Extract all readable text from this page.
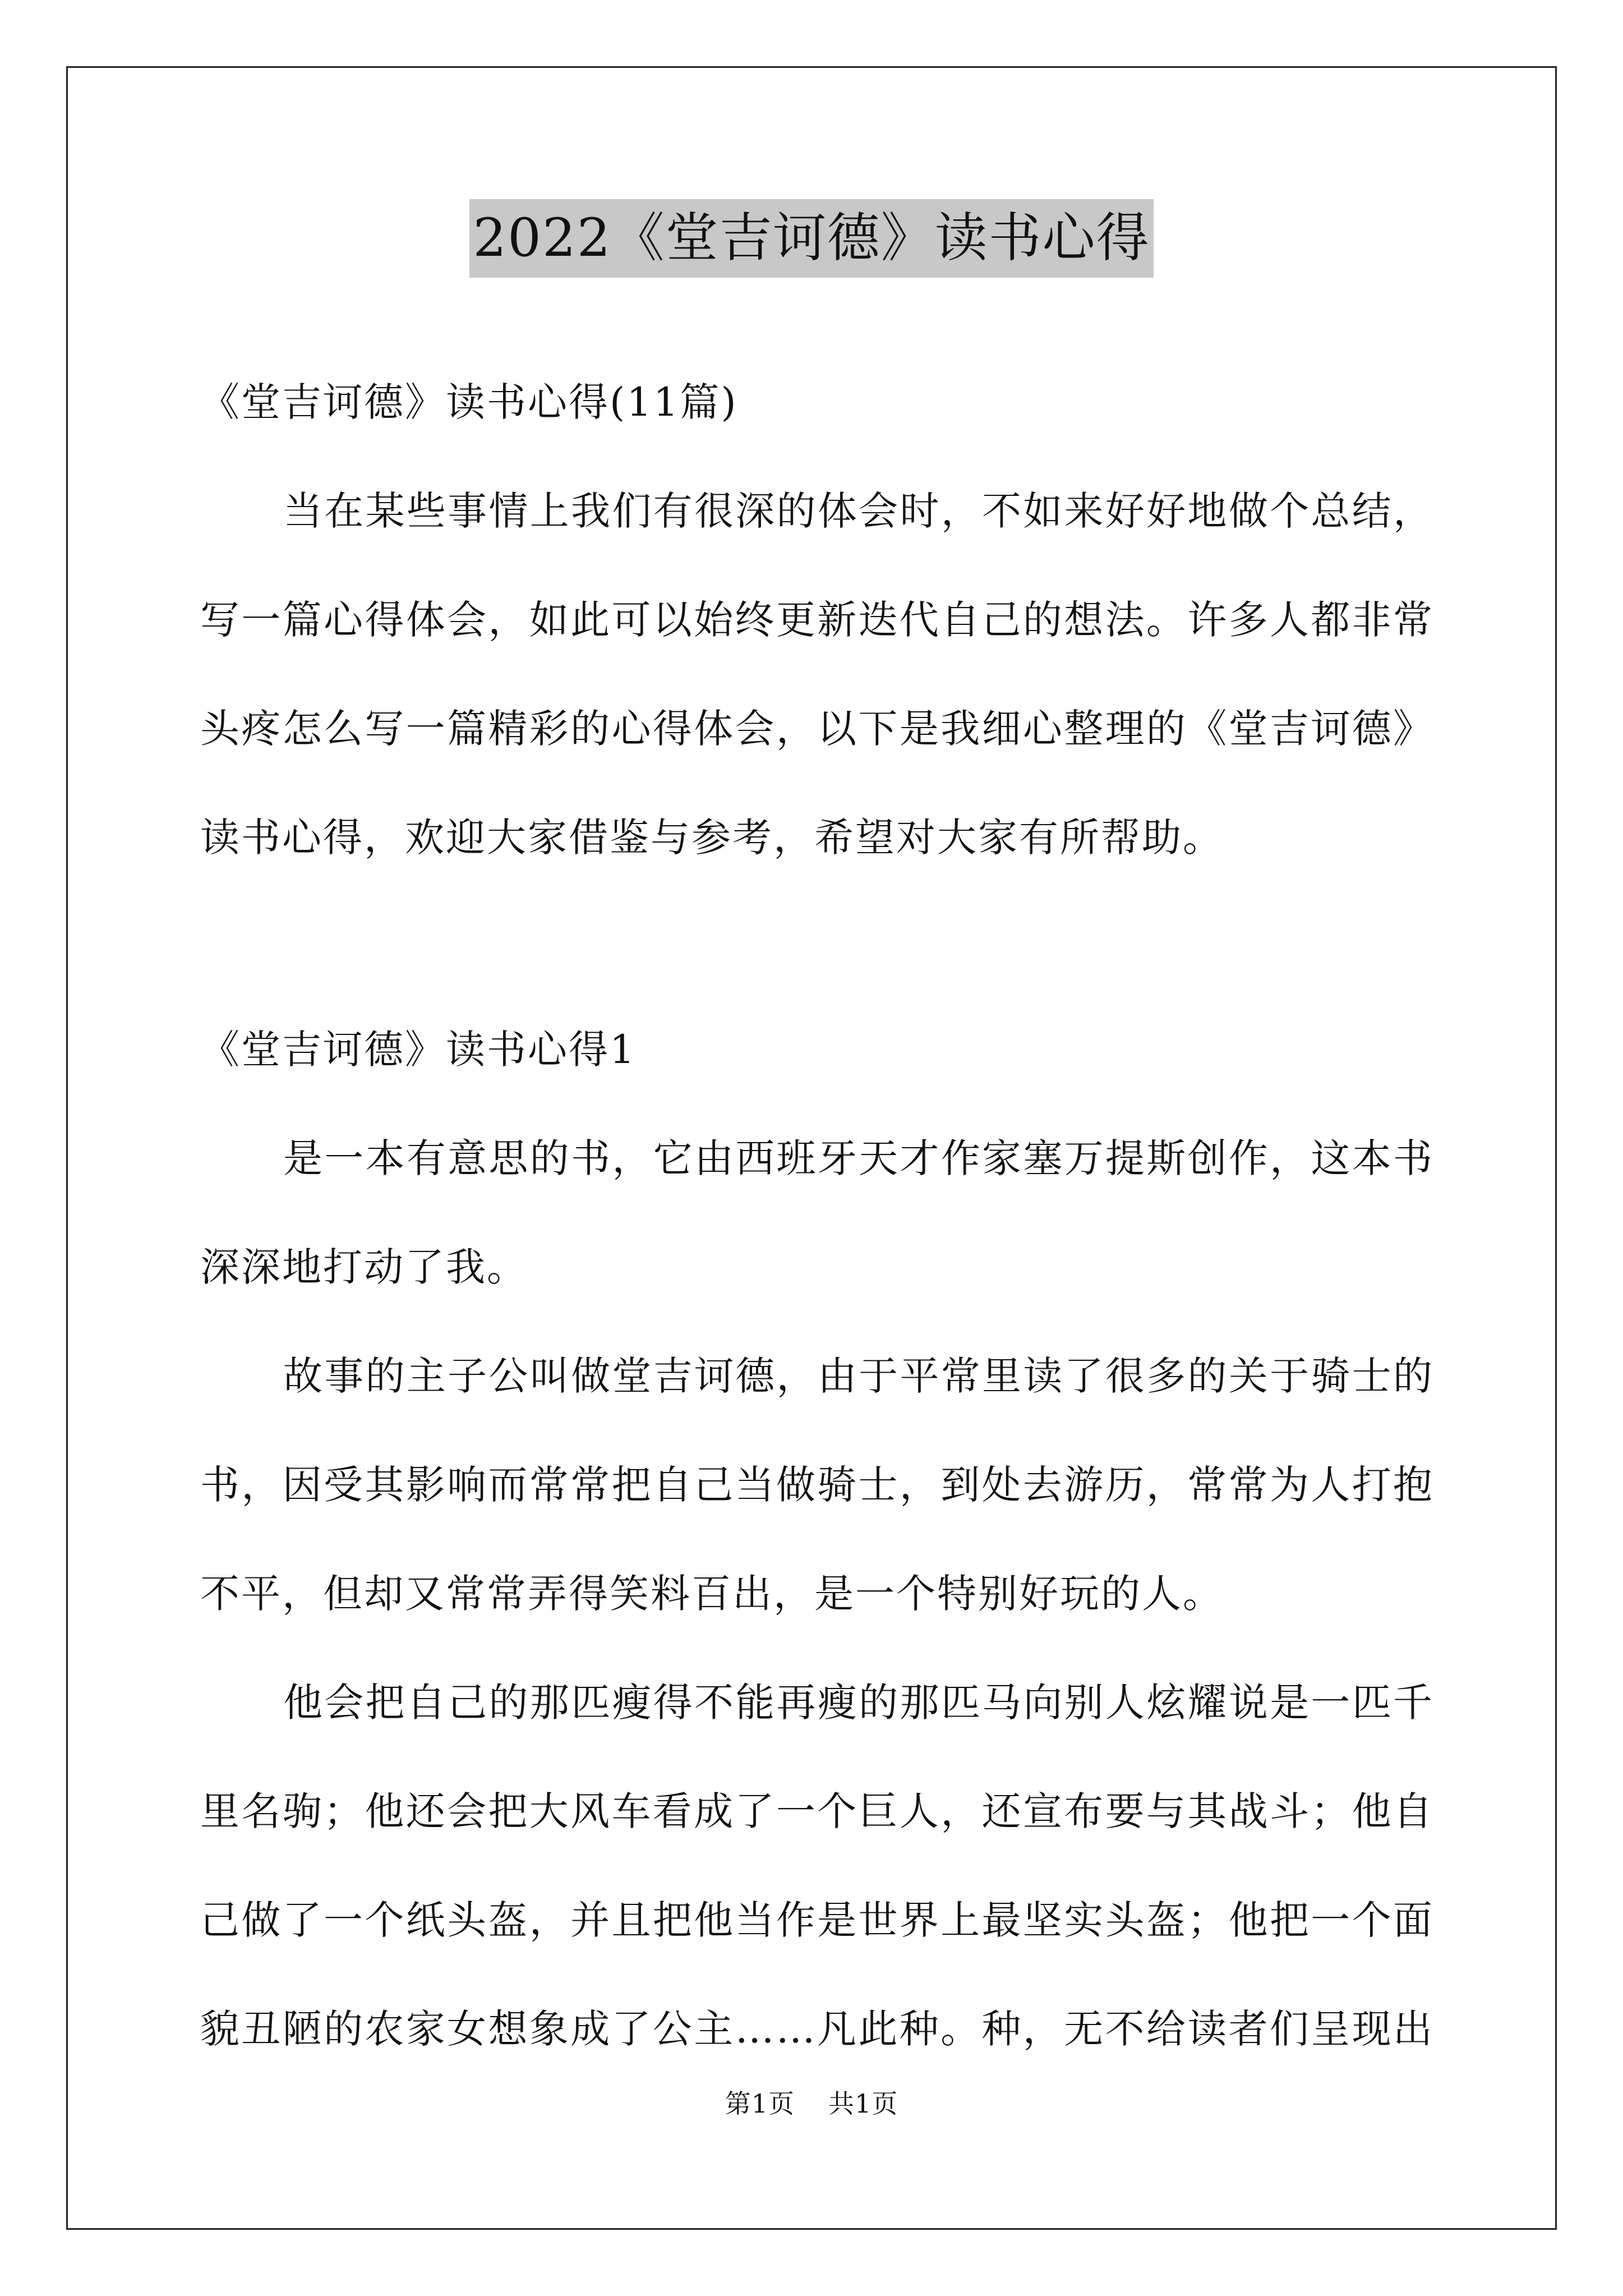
2022《堂吉诃德》读书心得
《堂吉诃德》读书心得(11篇)
当在某些事情上我们有很深的体会时，不如来好好地做个总结，
写一篇心得体会，如此可以始终更新迭代自己的想法。许多人都非常
头疼怎么写一篇精彩的心得体会，以下是我细心整理的《堂吉诃德》
读书心得，欢迎大家借鉴与参考，希望对大家有所帮助。
《堂吉诃德》读书心得1
是一本有意思的书，它由西班牙天才作家塞万提斯创作，这本书
深深地打动了我。
故事的主子公叫做堂吉诃德，由于平常里读了很多的关于骑士的
书，因受其影响而常常把自己当做骑士，到处去游历，常常为人打抱
不平，但却又常常弄得笑料百出，是一个特别好玩的人。
他会把自己的那匹瘦得不能再瘦的那匹马向别人炫耀说是一匹千
里名驹；他还会把大风车看成了一个巨人，还宣布要与其战斗；他自
己做了一个纸头盔，并且把他当作是世界上最坚实头盔；他把一个面
貌丑陋的农家女想象成了公主……凡此种。种，无不给读者们呈现出
第1页 共1页
